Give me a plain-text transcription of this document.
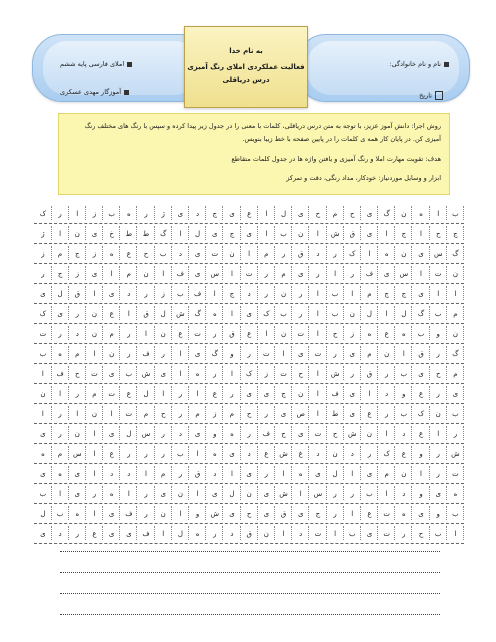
نام و نام خانوادگی:
تاریخ
املای فارسی پایه ششم
آموزگار مهدی عسکری
به نام خدا
فعالیت عملکردی املای رنگ آمیزی درس دریاقلی

روش اجرا: دانش آموز عزیز، با توجه به متن درس دریاقلی، کلمات با معنی را در جدول زیر پیدا کرده و سپس با رنگ های مختلف رنگ آمیزی کن. در پایان کار همه ی کلمات را در پایین صفحه با خط زیبا بنویس.

هدف: تقویت مهارت املا و رنگ آمیزی و یافتن واژه ها در جدول کلمات متقاطع

ابزار و وسایل موردنیاز: خودکار، مداد رنگی، دقت و تمرکز

ب
ا
ه
ن
گ
ی
ح
م
ح
ی
ل
ا
ع
ی
ج
د
ی
ژ
ر
ه
ب
ز
ا
ر
ک
ج
ح
ا
ج
ا
ی
ق
ش
ا
ن
ب
ا
ی
ج
ی
ل
ا
گ
ط
ط
خ
ی
ن
ا
ژ
گ
س
ی
ن
ه
ا
ک
ر
د
ق
ر
م
ا
ن
ت
ی
د
ب
ح
ع
ه
ز
ج
م
ز
ن
ت
ا
س
ی
ف
ر
ا
ر
ی
م
ر
ت
ا
س
ی
ف
ا
ن
م
ا
ی
ز
ج
ر
ا
ا
ی
ج
ج
م
ا
ب
ا
ر
ن
ر
د
ج
ا
ف
ب
ز
ر
د
ی
ا
ق
ل
ی
م
ب
گ
ل
ا
ل
ن
ب
ا
ر
ب
ک
ی
ا
ه
گ
ش
ل
ق
ا
ع
ن
ر
ی
ک
ن
و
ب
ه
ع
ه
ز
ح
ا
ت
ن
ا
ع
ق
ر
ت
ع
ن
ا
ر
م
ن
د
ر
ت
گ
ر
ق
ا
ن
م
ی
ر
ت
ی
ا
ت
ر
و
گ
ی
ا
ر
ف
ر
ن
ا
م
ه
ب
م
ح
ی
ب
ر
ق
ر
ش
ا
ح
ت
ز
ک
ا
ر
ه
ا
ی
ش
ب
ی
ت
ح
ف
ا
ی
ر
ع
و
د
ا
ی
ف
ا
ن
ج
ی
ی
ر
ع
ا
ر
ا
ل
ع
ت
م
ر
ا
ن
ب
ن
ک
ب
ر
ع
ی
ط
ا
ص
ی
ر
ح
م
ز
م
ر
ح
م
ت
ا
ن
ا
ر
ا
ر
ا
ع
د
ا
ن
ش
ح
ت
ی
ح
ف
ر
ه
و
ی
د
ر
س
ل
ی
ا
ن
ر
ی
ش
ر
و
ع
ک
ر
د
ن
د
غ
ش
ع
د
ی
ه
ا
ب
ر
ر
ر
ع
ا
س
م
ه
ت
ر
ا
ن
م
ی
ا
ل
ی
ه
ا
ر
ی
ا
د
ق
ر
م
ا
د
د
ا
ی
ه
ی
ه
ی
و
د
ا
ب
ر
ر
س
ا
ش
ی
ن
ل
ی
ا
ن
ی
ر
ا
ه
ر
ی
ا
ب
ب
و
ی
ه
ت
ع
ا
ر
ج
ی
ق
ی
ح
ی
ش
و
ا
ن
ر
ف
ی
ا
ه
ب
ل
ا
ب
ح
ر
ت
ی
ب
ا
ت
د
ا
ن
ق
د
ر
ه
ل
ا
ف
ی
ی
ع
ر
د
ی
